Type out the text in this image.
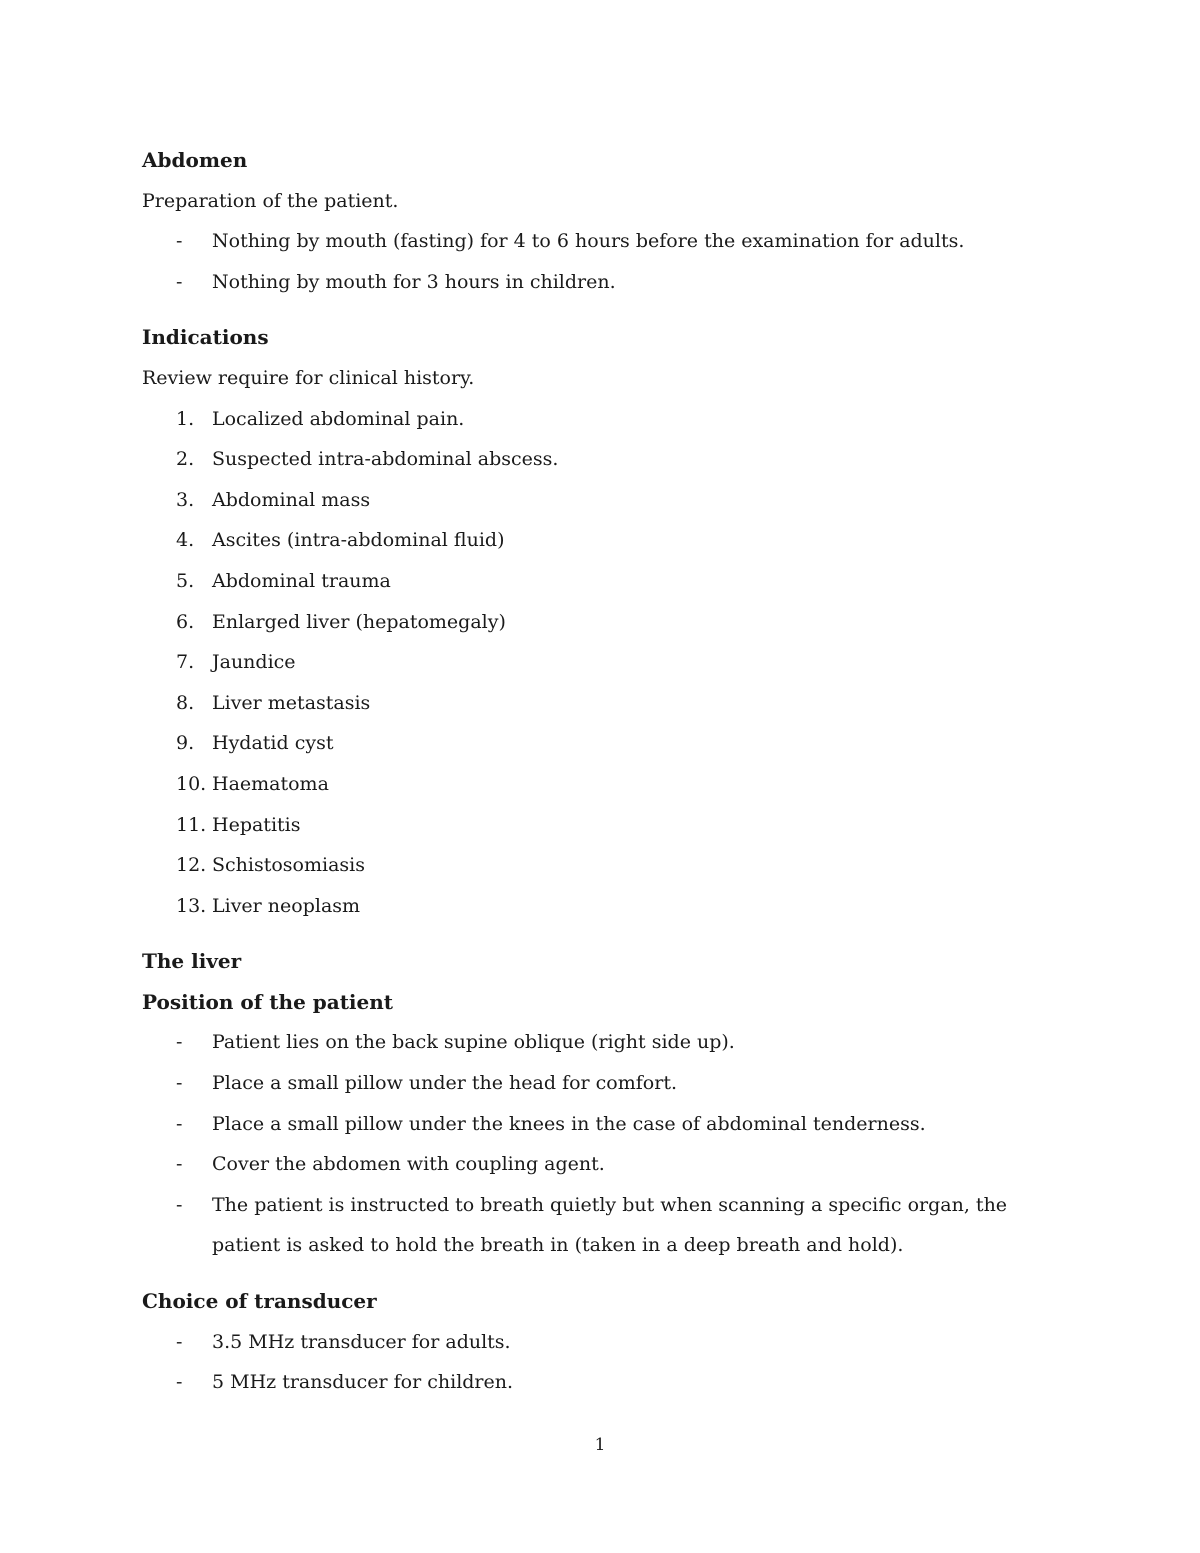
Abdomen
Preparation of the patient.
- Nothing by mouth (fasting) for 4 to 6 hours before the examination for adults.
- Nothing by mouth for 3 hours in children.
Indications
Review require for clinical history.
1. Localized abdominal pain.
2. Suspected intra-abdominal abscess.
3. Abdominal mass
4. Ascites (intra-abdominal fluid)
5. Abdominal trauma
6. Enlarged liver (hepatomegaly)
7. Jaundice
8. Liver metastasis
9. Hydatid cyst
10. Haematoma
11. Hepatitis
12. Schistosomiasis
13. Liver neoplasm
The liver
Position of the patient
- Patient lies on the back supine oblique (right side up).
- Place a small pillow under the head for comfort.
- Place a small pillow under the knees in the case of abdominal tenderness.
- Cover the abdomen with coupling agent.
- The patient is instructed to breath quietly but when scanning a specific organ, the patient is asked to hold the breath in (taken in a deep breath and hold).
Choice of transducer
- 3.5 MHz transducer for adults.
- 5 MHz transducer for children.
1
